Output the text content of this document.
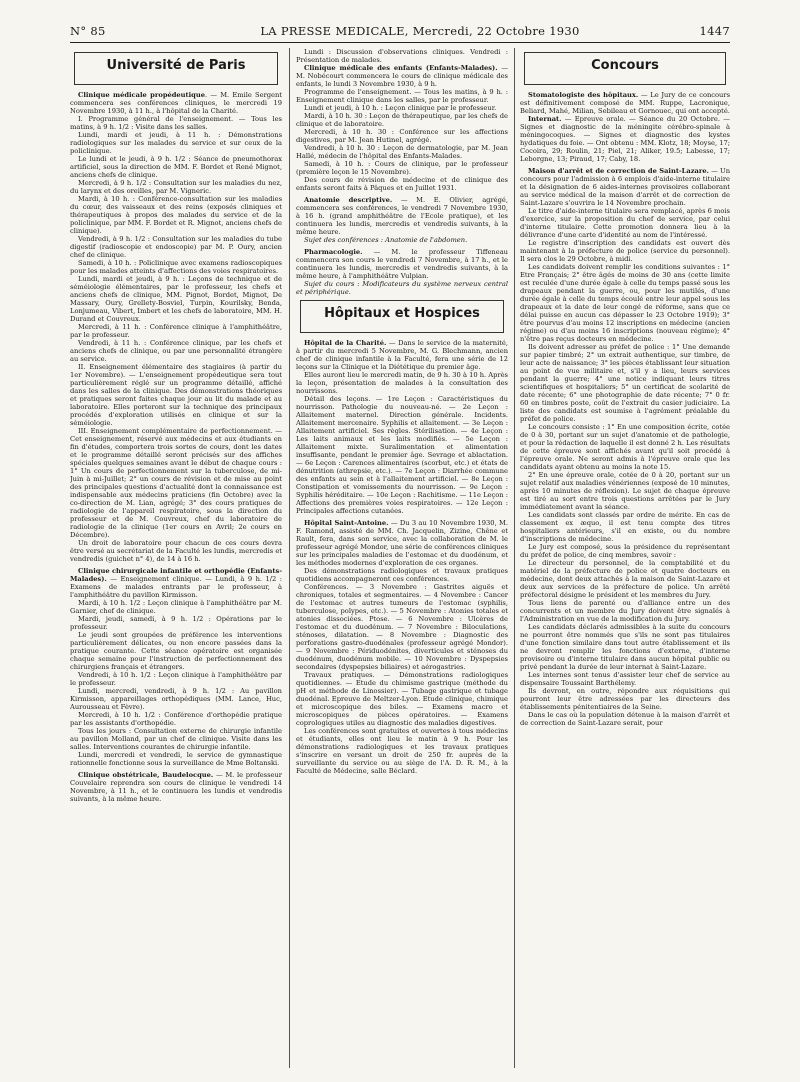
N° 85	LA PRESSE MEDICALE, Mercredi, 22 Octobre 1930	1447
Université de Paris

Clinique médicale propédeutique. — M. Emile Sergent commencera ses conférences cliniques, le mercredi 19 Novembre 1930, à 11 h., à l'hôpital de la Charité.

I. Programme général de l'enseignement. — Tous les matins, à 9 h. 1/2 : Visite dans les salles.

Lundi, mardi et jeudi, à 11 h. : Démonstrations radiologiques sur les malades du service et sur ceux de la policlinique.

Le lundi et le jeudi, à 9 h. 1/2 : Séance de pneumothorax artificiel, sous la direction de MM. F. Bordet et René Mignot, anciens chefs de clinique.

Mercredi, à 9 h. 1/2 : Consultation sur les maladies du nez, du larynx et des oreilles, par M. Vigneric.

Mardi, à 10 h. : Conférence-consultation sur les maladies du cœur, des vaisseaux et des reins (exposés cliniques et thérapeutiques à propos des malades du service et de la policlinique, par MM. F. Bordet et R. Mignot, anciens chefs de clinique).

Vendredi, à 9 h. 1/2 : Consultation sur les maladies du tube digestif (radioscopie et endoscopie) par M. P. Oury, ancien chef de clinique.

Samedi, à 10 h. : Policlinique avec examens radioscopiques pour les malades atteints d'affections des voies respiratoires.

Lundi, mardi et jeudi, à 9 h. : Leçons de technique et de séméiologie élémentaires, par le professeur, les chefs et anciens chefs de clinique, MM. Pignot, Bordet, Mignot, De Massary, Oury, Grellety-Bosviel, Turpin, Kourilsky, Benda, Lonjumeau, Vibert, Imbert et les chefs de laboratoire, MM. H. Durand et Couvreux.

Mercredi, à 11 h. : Conférence clinique à l'amphithéâtre, par le professeur.

Vendredi, à 11 h. : Conférence clinique, par les chefs et anciens chefs de clinique, ou par une personnalité étrangère au service.

II. Enseignement élémentaire des stagiaires (à partir du 1er Novembre). — L'enseignement propédeutique sera tout particulièrement réglé sur un programme détaillé, affiché dans les salles de la clinique. Des démonstrations théoriques et pratiques seront faites chaque jour au lit du malade et au laboratoire. Elles porteront sur la technique des principaux procédés d'exploration utilisés en clinique et sur la séméiologie.

III. Enseignement complémentaire de perfectionnement. — Cet enseignement, réservé aux médecins et aux étudiants en fin d'études, comportera trois sortes de cours, dont les dates et le programme détaillé seront précisés sur des affiches spéciales quelques semaines avant le début de chaque cours : 1° Un cours de perfectionnement sur la tuberculose, de mi-Juin à mi-Juillet; 2° un cours de révision et de mise au point des principales questions d'actualité dont la connaissance est indispensable aux médecins praticiens (fin Octobre) avec la co-direction de M. Lian, agrégé; 3° des cours pratiques de radiologie de l'appareil respiratoire, sous la direction du professeur et de M. Couvreux, chef du laboratoire de radiologie de la clinique (1er cours en Avril; 2e cours en Décembre).

Un droit de laboratoire pour chacun de ces cours devra être versé au secrétariat de la Faculté les lundis, mercredis et vendredis (guichet n° 4), de 14 à 16 h.

Clinique chirurgicale infantile et orthopédie (Enfants-Malades). — Enseignement clinique. — Lundi, à 9 h. 1/2 : Examens de malades entrants par le professeur, à l'amphithéâtre du pavillon Kirmisson.

Mardi, à 10 h. 1/2 : Leçon clinique à l'amphithéâtre par M. Garnier, chef de clinique.

Mardi, jeudi, samedi, à 9 h. 1/2 : Opérations par le professeur.

Le jeudi sont groupées de préférence les interventions particulièrement délicates, ou non encore passées dans la pratique courante. Cette séance opératoire est organisée chaque semaine pour l'instruction de perfectionnement des chirurgiens français et étrangers.

Vendredi, à 10 h. 1/2 : Leçon clinique à l'amphithéâtre par le professeur.

Lundi, mercredi, vendredi, à 9 h. 1/2 : Au pavillon Kirmisson, appareillages orthopédiques (MM. Lance, Huc, Aurousseau et Fèvre).

Mercredi, à 10 h. 1/2 : Conférence d'orthopédie pratique par les assistants d'orthopédie.

Tous les jours : Consultation externe de chirurgie infantile au pavillon Molland, par un chef de clinique. Visite dans les salles. Interventions courantes de chirurgie infantile.

Lundi, mercredi et vendredi, le service de gymnastique rationnelle fonctionne sous la surveillance de Mme Boltanski.

Clinique obstétricale, Baudelocque. — M. le professeur Couvelaire reprendra son cours de clinique le vendredi 14 Novembre, à 11 h., et le continuera les lundis et vendredis suivants, à la même heure.

Lundi : Discussion d'observations cliniques. Vendredi : Présentation de malades.

Clinique médicale des enfants (Enfants-Malades). — M. Nobécourt commencera le cours de clinique médicale des enfants, le lundi 3 Novembre 1930, à 9 h.

Programme de l'enseignement. — Tous les matins, à 9 h. : Enseignement clinique dans les salles, par le professeur.

Lundi et jeudi, à 10 h. : Leçon clinique par le professeur.

Mardi, à 10 h. 30 : Leçon de thérapeutique, par les chefs de clinique et de laboratoire.

Mercredi, à 10 h. 30 : Conférence sur les affections digestives, par M. Jean Hutinel, agrégé.

Vendredi, à 10 h. 30 : Leçon de dermatologie, par M. Jean Hallé, médecin de l'hôpital des Enfants-Malades.

Samedi, à 10 h. : Cours de clinique, par le professeur (première leçon le 15 Novembre).

Des cours de révision de médecine et de clinique des enfants seront faits à Pâques et en Juillet 1931.

Anatomie descriptive. — M. E. Olivier, agrégé, commencera ses conférences, le vendredi 7 Novembre 1930, à 16 h. (grand amphithéâtre de l'Ecole pratique), et les continuera les lundis, mercredis et vendredis suivants, à la même heure.

Sujet des conférences : Anatomie de l'abdomen.

Pharmacologie. — M. le professeur Tiffeneau commencera son cours le vendredi 7 Novembre, à 17 h., et le continuera les lundis, mercredis et vendredis suivants, à la même heure, à l'amphithéâtre Vulpian.

Sujet du cours : Modificateurs du système nerveux central et périphérique.

Hôpitaux et Hospices

Hôpital de la Charité. — Dans le service de la maternité, à partir du mercredi 5 Novembre, M. G. Blechmann, ancien chef de clinique infantile à la Faculté, fera une série de 12 leçons sur la Clinique et la Diététique du premier âge.

Elles auront lieu le mercredi matin, de 9 h. 30 à 10 h. Après la leçon, présentation de malades à la consultation des nourrissons.

Détail des leçons. — 1re Leçon : Caractéristiques du nourrisson. Pathologie du nouveau-né. — 2e Leçon : Allaitement maternel. Direction générale. Incidents. Allaitement mercenaire. Syphilis et allaitement. — 3e Leçon : Allaitement artificiel. Ses règles. Stérilisation. — 4e Leçon : Les laits animaux et les laits modifiés. — 5e Leçon : Allaitement mixte. Suralimentation et alimentation insuffisante, pendant le premier âge. Sevrage et ablactation. — 6e Leçon : Carences alimentaires (scorbut, etc.) et états de dénutrition (athrepsie, etc.). — 7e Leçon : Diarrhée commune des enfants au sein et à l'allaitement artificiel. — 8e Leçon : Constipation et vomissements du nourrisson. — 9e Leçon : Syphilis héréditaire. — 10e Leçon : Rachitisme. — 11e Leçon : Affections des premières voies respiratoires. — 12e Leçon : Principales affections cutanées.

Hôpital Saint-Antoine. — Du 3 au 10 Novembre 1930, M. F. Ramond, assisté de MM. Ch. Jacquelin, Zizine, Chêne et Rault, fera, dans son service, avec la collaboration de M. le professeur agrégé Mondor, une série de conférences cliniques sur les principales maladies de l'estomac et du duodénum, et les méthodes modernes d'exploration de ces organes.

Des démonstrations radiologiques et travaux pratiques quotidiens accompagneront ces conférences.

Conférences. — 3 Novembre : Gastrites aiguës et chroniques, totales et segmentaires. — 4 Novembre : Cancer de l'estomac et autres tumeurs de l'estomac (syphilis, tuberculose, polypes, etc.). — 5 Novembre : Atonies totales et atonies dissociées. Ptose. — 6 Novembre : Ulcères de l'estomac et du duodénum. — 7 Novembre : Biloculations, sténoses, dilatation. — 8 Novembre : Diagnostic des perforations gastro-duodénales (professeur agrégé Mondor). — 9 Novembre : Périduodénites, diverticules et sténoses du duodénum, duodénum mobile. — 10 Novembre : Dyspepsies secondaires (dyspepsies biliaires) et aérogastries.

Travaux pratiques. — Démonstrations radiologiques quotidiennes. — Etude du chimisme gastrique (méthode du pH et méthode de Linossier). — Tubage gastrique et tubage duodénal. Epreuve de Meltzer-Lyon. Etude clinique, chimique et microscopique des biles. — Examens macro et microscopiques de pièces opératoires. — Examens coprologiques utiles au diagnostic des maladies digestives.

Les conférences sont gratuites et ouvertes à tous médecins et étudiants, elles ont lieu le matin à 9 h. Pour les démonstrations radiologiques et les travaux pratiques s'inscrire en versant un droit de 250 fr. auprès de la surveillante du service ou au siège de l'A. D. R. M., à la Faculté de Médecine, salle Béclard.

Concours

Stomatologiste des hôpitaux. — Le Jury de ce concours est définitivement composé de MM. Ruppe, Lacronique, Beliard, Mahé, Milian, Sebileau et Gornouec, qui ont accepté.

Internat. — Epreuve orale. — Séance du 20 Octobre. — Signes et diagnostic de la méningite cérébro-spinale à méningocoques. — Signes et diagnostic des kystes hydatiques du foie. — Ont obtenu : MM. Klotz, 18; Moyse, 17; Cocoira, 29; Roulin, 21; Piel, 21; Aliker, 19.5; Labesse, 17; Leborgne, 13; Piraud, 17; Caby, 18.

Maison d'arrêt et de correction de Saint-Lazare. — Un concours pour l'admission à 6 emplois d'aide-interne titulaire et la désignation de 6 aides-internes provisoires collaborant au service médical de la maison d'arrêt et de correction de Saint-Lazare s'ouvrira le 14 Novembre prochain.

Le titre d'aide-interne titulaire sera remplacé, après 6 mois d'exercice, sur la proposition du chef de service, par celui d'interne titulaire. Cette promotion donnera lieu à la délivrance d'une carte d'identité au nom de l'intéressé.

Le registre d'inscription des candidats est ouvert dès maintenant à la préfecture de police (service du personnel). Il sera clos le 29 Octobre, à midi.

Les candidats doivent remplir les conditions suivantes : 1° Etre Français; 2° être âgés de moins de 30 ans (cette limite est reculée d'une durée égale à celle du temps passé sous les drapeaux pendant la guerre, ou, pour les mutilés, d'une durée égale à celle du temps écoulé entre leur appel sous les drapeaux et la date de leur congé de réforme, sans que ce délai puisse en aucun cas dépasser le 23 Octobre 1919); 3° être pourvus d'au moins 12 inscriptions en médecine (ancien régime) ou d'au moins 16 inscriptions (nouveau régime); 4° n'être pas reçus docteurs en médecine.

Ils doivent adresser au préfet de police : 1° Une demande sur papier timbré; 2° un extrait authentique, sur timbre, de leur acte de naissance; 3° les pièces établissant leur situation au point de vue militaire et, s'il y a lieu, leurs services pendant la guerre; 4° une notice indiquant leurs titres scientifiques et hospitaliers; 5° un certificat de scolarité de date récente; 6° une photographie de date récente; 7° 0 fr. 60 en timbres poste, coût de l'extrait du casier judiciaire. La liste des candidats est soumise à l'agrément préalable du préfet de police.

Le concours consiste : 1° En une composition écrite, cotée de 0 à 30, portant sur un sujet d'anatomie et de pathologie, et pour la rédaction de laquelle il est donné 2 h. Les résultats de cette épreuve sont affichés avant qu'il soit procédé à l'épreuve orale. Ne seront admis à l'épreuve orale que les candidats ayant obtenu au moins la note 15.

2° En une épreuve orale, cotée de 0 à 20, portant sur un sujet relatif aux maladies vénériennes (exposé de 10 minutes, après 10 minutes de réflexion). Le sujet de chaque épreuve est tiré au sort entre trois questions arrêtées par le Jury immédiatement avant la séance.

Les candidats sont classés par ordre de mérite. En cas de classement ex æquo, il est tenu compte des titres hospitaliers antérieurs, s'il en existe, ou du nombre d'inscriptions de médecine.

Le Jury est composé, sous la présidence du représentant du préfet de police, de cinq membres, savoir :

Le directeur du personnel, de la comptabilité et du matériel de la préfecture de police et quatre docteurs en médecine, dont deux attachés à la maison de Saint-Lazare et deux aux services de la préfecture de police. Un arrêté préfectoral désigne le président et les membres du Jury.

Tous liens de parenté ou d'alliance entre un des concurrents et un membre du Jury doivent être signalés à l'Administration en vue de la modification du Jury.

Les candidats déclarés admissibles à la suite du concours ne pourront être nommés que s'ils ne sont pas titulaires d'une fonction similaire dans tout autre établissement et ils ne devront remplir les fonctions d'externe, d'interne provisoire ou d'interne titulaire dans aucun hôpital public ou privé pendant la durée de leur internat à Saint-Lazare.

Les internes sont tenus d'assister leur chef de service au dispensaire Toussaint Barthélemy.

Ils devront, en outre, répondre aux réquisitions qui pourront leur être adressées par les directeurs des établissements pénitentiaires de la Seine.

Dans le cas où la population détenue à la maison d'arrêt et de correction de Saint-Lazare serait, pour
